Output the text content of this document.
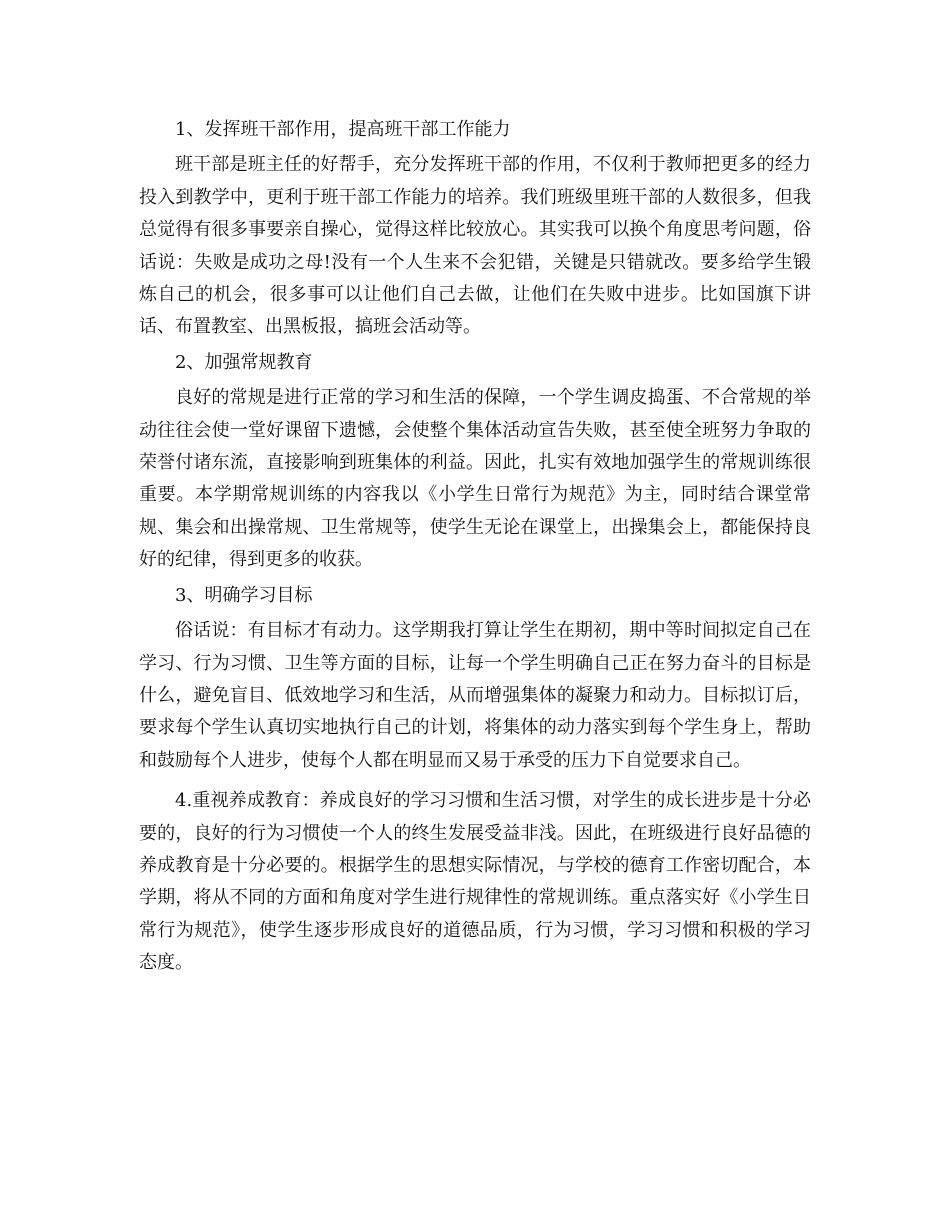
1、发挥班干部作用，提高班干部工作能力

班干部是班主任的好帮手，充分发挥班干部的作用，不仅利于教师把更多的经力投入到教学中，更利于班干部工作能力的培养。我们班级里班干部的人数很多，但我总觉得有很多事要亲自操心，觉得这样比较放心。其实我可以换个角度思考问题，俗话说：失败是成功之母!没有一个人生来不会犯错，关键是只错就改。要多给学生锻炼自己的机会，很多事可以让他们自己去做，让他们在失败中进步。比如国旗下讲话、布置教室、出黑板报，搞班会活动等。

2、加强常规教育

良好的常规是进行正常的学习和生活的保障，一个学生调皮捣蛋、不合常规的举动往往会使一堂好课留下遗憾，会使整个集体活动宣告失败，甚至使全班努力争取的荣誉付诸东流，直接影响到班集体的利益。因此，扎实有效地加强学生的常规训练很重要。本学期常规训练的内容我以《小学生日常行为规范》为主，同时结合课堂常规、集会和出操常规、卫生常规等，使学生无论在课堂上，出操集会上，都能保持良好的纪律，得到更多的收获。

3、明确学习目标

俗话说：有目标才有动力。这学期我打算让学生在期初，期中等时间拟定自己在学习、行为习惯、卫生等方面的目标，让每一个学生明确自己正在努力奋斗的目标是什么，避免盲目、低效地学习和生活，从而增强集体的凝聚力和动力。目标拟订后，要求每个学生认真切实地执行自己的计划，将集体的动力落实到每个学生身上，帮助和鼓励每个人进步，使每个人都在明显而又易于承受的压力下自觉要求自己。

4.重视养成教育：养成良好的学习习惯和生活习惯，对学生的成长进步是十分必要的，良好的行为习惯使一个人的终生发展受益非浅。因此，在班级进行良好品德的养成教育是十分必要的。根据学生的思想实际情况，与学校的德育工作密切配合，本学期，将从不同的方面和角度对学生进行规律性的常规训练。重点落实好《小学生日常行为规范》，使学生逐步形成良好的道德品质，行为习惯，学习习惯和积极的学习态度。
